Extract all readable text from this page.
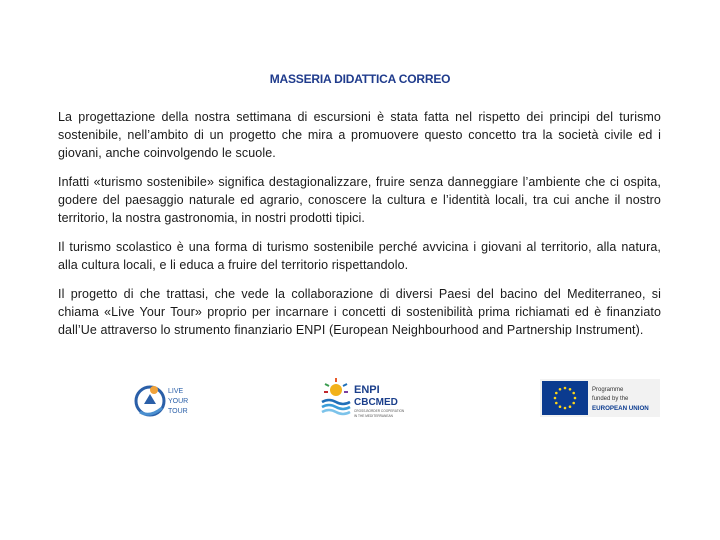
MASSERIA DIDATTICA CORREO

La progettazione della nostra settimana di escursioni è stata fatta nel rispetto dei principi del turismo sostenibile, nell’ambito di un progetto che mira a promuovere questo concetto tra la società civile ed i giovani, anche coinvolgendo le scuole.

Infatti «turismo sostenibile» significa destagionalizzare, fruire senza danneggiare l’ambiente che ci ospita, godere del paesaggio naturale ed agrario, conoscere la cultura e l’identità locali, tra cui anche il nostro territorio, la nostra gastronomia, in nostri prodotti tipici.

Il turismo scolastico è una forma di turismo sostenibile perché avvicina i giovani al territorio, alla natura, alla cultura locali, e li educa a fruire del territorio rispettandolo.

Il progetto di che trattasi, che vede la collaborazione di diversi Paesi del bacino del Mediterraneo, si chiama «Live Your Tour» proprio per incarnare i concetti di sostenibilità prima richiamati ed è finanziato dall’Ue attraverso lo strumento finanziario ENPI (European Neighbourhood and Partnership Instrument).

LIVE
YOUR
TOUR
ENPI
CBCMED
CROSS-BORDER COOPERATION
IN THE MEDITERRANEAN
Programme
funded by the
EUROPEAN UNION
